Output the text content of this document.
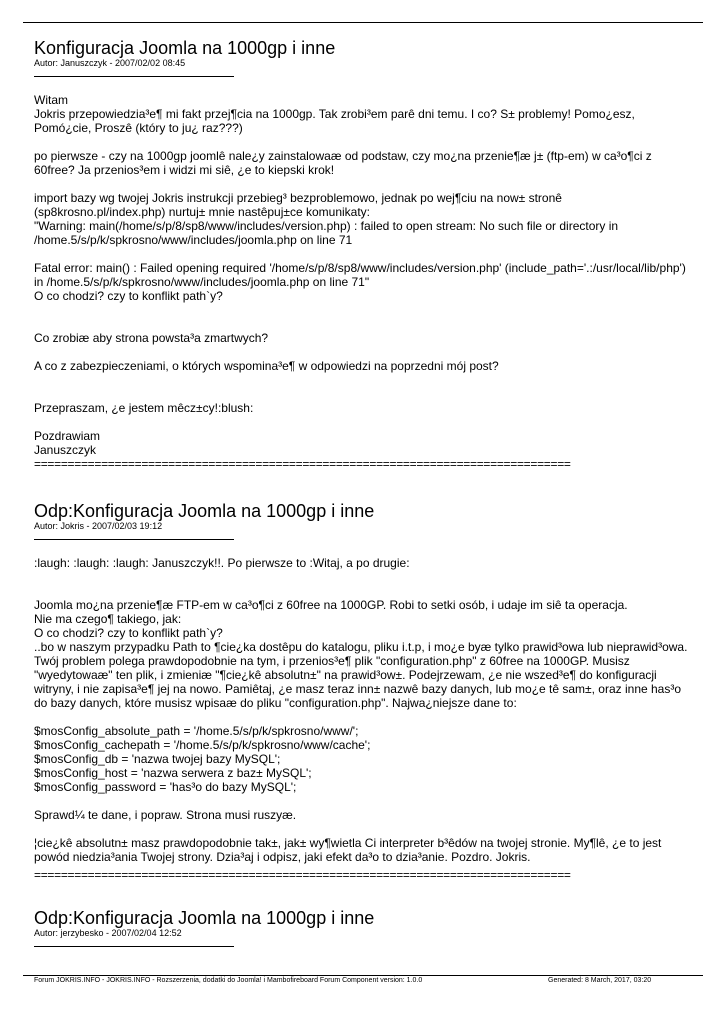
Konfiguracja Joomla na 1000gp i inne

Autor: Januszczyk - 2007/02/02 08:45

Witam
Jokris przepowiedzia³e¶ mi fakt przej¶cia na 1000gp. Tak zrobi³em parê dni temu. I co? S± problemy! Pomo¿esz, Pomó¿cie, Proszê (który to ju¿ raz???)

po pierwsze - czy na 1000gp joomlê nale¿y zainstalowaæ od podstaw, czy mo¿na przenie¶æ j± (ftp-em) w ca³o¶ci z 60free? Ja przenios³em i widzi mi siê, ¿e to kiepski krok!

import bazy wg twojej Jokris instrukcji przebieg³ bezproblemowo, jednak po wej¶ciu na now± stronê (sp8krosno.pl/index.php) nurtuj± mnie nastêpuj±ce komunikaty:
"Warning: main(/home/s/p/8/sp8/www/includes/version.php) : failed to open stream: No such file or directory in /home.5/s/p/k/spkrosno/www/includes/joomla.php on line 71

Fatal error: main() : Failed opening required '/home/s/p/8/sp8/www/includes/version.php' (include_path='.:/usr/local/lib/php') in /home.5/s/p/k/spkrosno/www/includes/joomla.php on line 71"
O co chodzi? czy to konflikt path`y?

Co zrobiæ aby strona powsta³a zmartwych?

A co z zabezpieczeniami, o których wspomina³e¶ w odpowiedzi na poprzedni mój post?

Przepraszam, ¿e jestem mêcz±cy!:blush:

Pozdrawiam
Januszczyk

================================================================================

Odp:Konfiguracja Joomla na 1000gp i inne

Autor: Jokris - 2007/02/03 19:12

:laugh: :laugh: :laugh: Januszczyk!!. Po pierwsze to :Witaj, a po drugie:

Joomla mo¿na przenie¶æ FTP-em w ca³o¶ci z 60free na 1000GP. Robi to setki osób, i udaje im siê ta operacja.
Nie ma czego¶ takiego, jak:
O co chodzi? czy to konflikt path`y?
..bo w naszym przypadku Path to ¶cie¿ka dostêpu do katalogu, pliku i.t.p, i mo¿e byæ tylko prawid³owa lub nieprawid³owa.
Twój problem polega prawdopodobnie na tym, i przenios³e¶ plik "configuration.php" z 60free na 1000GP. Musisz "wyedytowaæ" ten plik, i zmieniæ "¶cie¿kê absolutn±" na prawid³ow±. Podejrzewam, ¿e nie wszed³e¶ do konfiguracji witryny, i nie zapisa³e¶ jej na nowo. Pamiêtaj, ¿e masz teraz inn± nazwê bazy danych, lub mo¿e tê sam±, oraz inne has³o do bazy danych, które musisz wpisaæ do pliku "configuration.php". Najwa¿niejsze dane to:

$mosConfig_absolute_path = '/home.5/s/p/k/spkrosno/www/';
$mosConfig_cachepath = '/home.5/s/p/k/spkrosno/www/cache';
$mosConfig_db = 'nazwa twojej bazy MySQL';
$mosConfig_host = 'nazwa serwera z baz± MySQL';
$mosConfig_password = 'has³o do bazy MySQL';

Sprawd¼ te dane, i popraw. Strona musi ruszyæ.

¦cie¿kê absolutn± masz prawdopodobnie tak±, jak± wy¶wietla Ci interpreter b³êdów na twojej stronie. My¶lê, ¿e to jest powód niedzia³ania Twojej strony. Dzia³aj i odpisz, jaki efekt da³o to dzia³anie. Pozdro. Jokris.

================================================================================

Odp:Konfiguracja Joomla na 1000gp i inne

Autor: jerzybesko - 2007/02/04 12:52

Forum JOKRIS.INFO - JOKRIS.INFO - Rozszerzenia, dodatki do Joomla! i Mambofireboard Forum Component version: 1.0.0	Generated: 8 March, 2017, 03:20
